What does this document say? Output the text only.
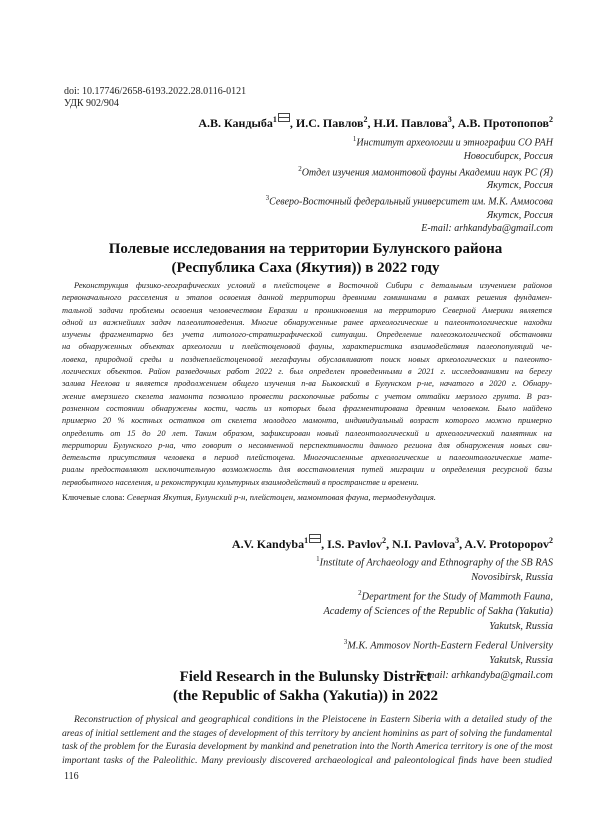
doi: 10.17746/2658-6193.2022.28.0116-0121
УДК 902/904
А.В. Кандыба$^1$ , И.С. Павлов$^2$, Н.И. Павлова$^3$, А.В. Протопопов$^2$
$^1$Институт археологии и этнографии СО РАН
Новосибирск, Россия
$^2$Отдел изучения мамонтовой фауны Академии наук РС (Я)
Якутск, Россия
$^3$Северо-Восточный федеральный университет им. М.К. Аммосова
Якутск, Россия
E-mail: arhkandyba@gmail.com
Полевые исследования на территории Булунского района
(Республика Саха (Якутия)) в 2022 году
Реконструкция физико-географических условий в плейстоцене в Восточной Сибири с детальным изучением районов
первоначального расселения и этапов освоения данной территории древними гомининами в рамках решения фундамен-
тальной задачи проблемы освоения человечеством Евразии и проникновения на территорию Северной Америки является
одной из важнейших задач палеолитоведения. Многие обнаруженные ранее археологические и палеонтологические находки
изучены фрагментарно без учета литолого-стратиграфической ситуации. Определение палеоэкологической обстановки
на обнаруженных объектах археологии и плейстоценовой фауны, характеристика взаимодействия палеопопуляций че-
ловека, природной среды и позднеплейстоценовой мегафауны обуславливают поиск новых археологических и палеонто-
логических объектов. Район разведочных работ 2022 г. был определен проведенными в 2021 г. исследованиями на берегу
залива Неелова и является продолжением общего изучения п-ва Быковский в Булунском р-не, начатого в 2020 г. Обнару-
жение вмерзшего скелета мамонта позволило провести раскопочные работы с учетом оттайки мерзлого грунта. В раз-
розненном состоянии обнаружены кости, часть из которых была фрагментирована древним человеком. Было найдено
примерно 20 % костных остатков от скелета молодого мамонта, индивидуальный возраст которого можно примерно
определить от 15 до 20 лет. Таким образом, зафиксирован новый палеонтологический и археологический памятник на
территории Булунского р-на, что говорит о несомненной перспективности данного региона для обнаружения новых сви-
детельств присутствия человека в период плейстоцена. Многочисленные археологические и палеонтологические мате-
риалы предоставляют исключительную возможность для восстановления путей миграции и определения ресурсной базы
первобытного населения, и реконструкции культурных взаимодействий в пространстве и времени.
Ключевые слова: Северная Якутия, Булунский р-н, плейстоцен, мамонтовая фауна, термоденудация.
A.V. Kandyba$^1$ , I.S. Pavlov$^2$, N.I. Pavlova$^3$, A.V. Protopopov$^2$
$^1$Institute of Archaeology and Ethnography of the SB RAS
Novosibirsk, Russia
$^2$Department for the Study of Mammoth Fauna,
Academy of Sciences of the Republic of Sakha (Yakutia)
Yakutsk, Russia
$^3$M.K. Ammosov North-Eastern Federal University
Yakutsk, Russia
E-mail: arhkandyba@gmail.com
Field Research in the Bulunsky District
(the Republic of Sakha (Yakutia)) in 2022
Reconstruction of physical and geographical conditions in the Pleistocene in Eastern Siberia with a detailed study of the
areas of initial settlement and the stages of development of this territory by ancient hominins as part of solving the fundamental
task of the problem for the Eurasia development by mankind and penetration into the North America territory is one of the most
important tasks of the Paleolithic. Many previously discovered archaeological and paleontological finds have been studied
116
